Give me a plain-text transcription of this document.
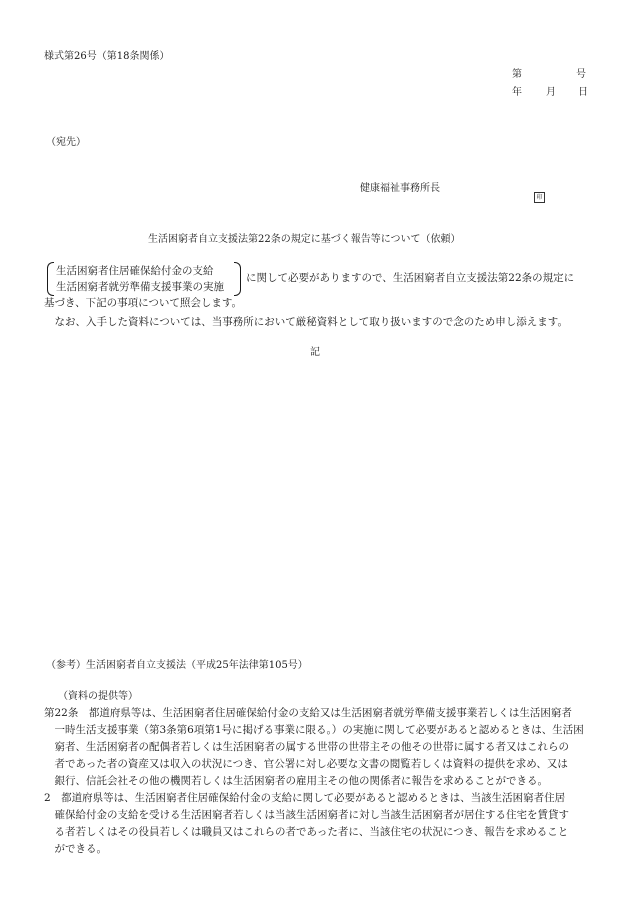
様式第26号（第18条関係）
第	号
年 月 日
（宛先）
健康福祉事務所長
印
生活困窮者自立支援法第22条の規定に基づく報告等について（依頼）
生活困窮者住居確保給付金の支給
生活困窮者就労準備支援事業の実施
に関して必要がありますので、生活困窮者自立支援法第22条の規定に
基づき、下記の事項について照会します。
　なお、入手した資料については、当事務所において厳秘資料として取り扱いますので念のため申し添えます。
記
（参考）生活困窮者自立支援法（平成25年法律第105号）
（資料の提供等）
第22条　都道府県等は、生活困窮者住居確保給付金の支給又は生活困窮者就労準備支援事業若しくは生活困窮者
　一時生活支援事業（第3条第6項第1号に掲げる事業に限る。）の実施に関して必要があると認めるときは、生活困
　窮者、生活困窮者の配偶者若しくは生活困窮者の属する世帯の世帯主その他その世帯に属する者又はこれらの
　者であった者の資産又は収入の状況につき、官公署に対し必要な文書の閲覧若しくは資料の提供を求め、又は
　銀行、信託会社その他の機関若しくは生活困窮者の雇用主その他の関係者に報告を求めることができる。
2　都道府県等は、生活困窮者住居確保給付金の支給に関して必要があると認めるときは、当該生活困窮者住居
　確保給付金の支給を受ける生活困窮者若しくは当該生活困窮者に対し当該生活困窮者が居住する住宅を賃貸す
　る者若しくはその役員若しくは職員又はこれらの者であった者に、当該住宅の状況につき、報告を求めること
　ができる。
